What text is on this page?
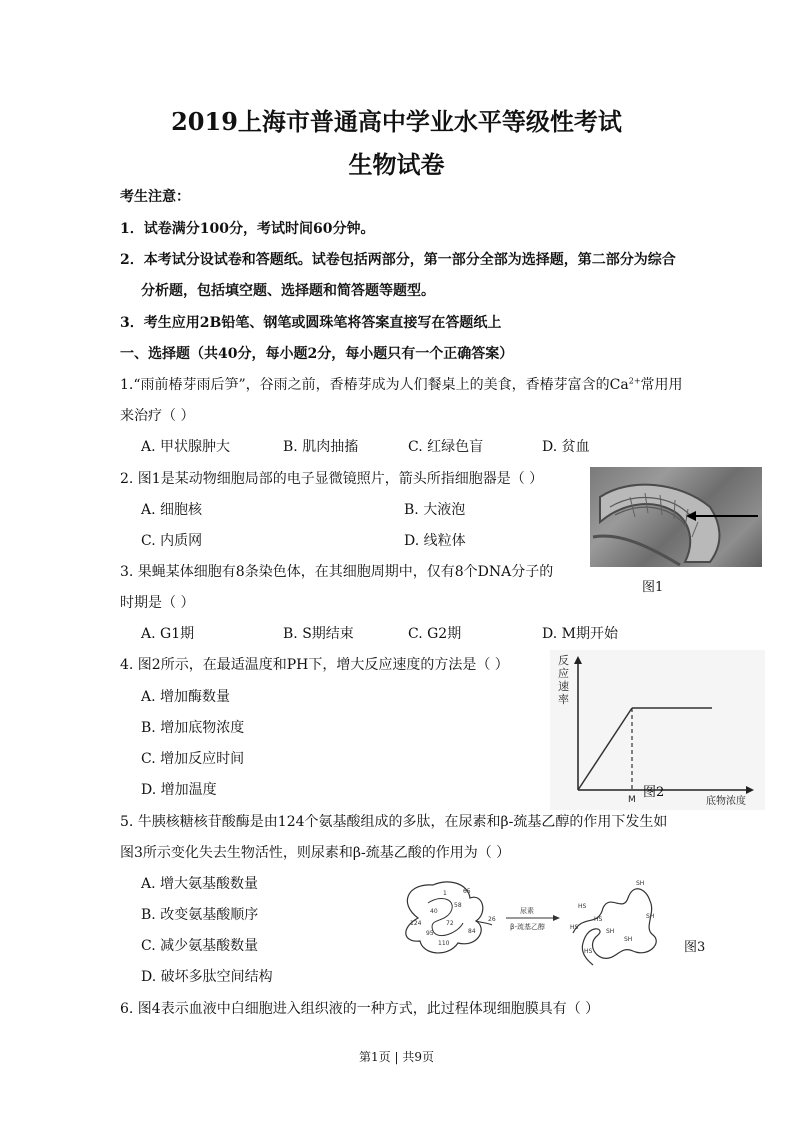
2019上海市普通高中学业水平等级性考试
生物试卷
考生注意：
1．试卷满分100分，考试时间60分钟。
2．本考试分设试卷和答题纸。试卷包括两部分，第一部分全部为选择题，第二部分为综合
分析题，包括填空题、选择题和简答题等题型。
3．考生应用2B铅笔、钢笔或圆珠笔将答案直接写在答题纸上
一、选择题（共40分，每小题2分，每小题只有一个正确答案）
1.“雨前椿芽雨后笋”，谷雨之前，香椿芽成为人们餐桌上的美食，香椿芽富含的$Ca^{2+}$常用用
来治疗（ ）
A. 甲状腺肿大	B. 肌肉抽搐	C. 红绿色盲	D. 贫血
2. 图1是某动物细胞局部的电子显微镜照片，箭头所指细胞器是（ ）
A. 细胞核	B. 大液泡
C. 内质网	D. 线粒体
图1
3. 果蝇某体细胞有8条染色体，在其细胞周期中，仅有8个DNA分子的
时期是（ ）
A. G1期	B. S期结束	C. G2期	D. M期开始
4. 图2所示，在最适温度和PH下，增大反应速度的方法是（ ）
A. 增加酶数量
B. 增加底物浓度
C. 增加反应时间
D. 增加温度
反
应
速
率
M	底物浓度
图2
5. 牛胰核糖核苷酸酶是由124个氨基酸组成的多肽，在尿素和β-巯基乙醇的作用下发生如
图3所示变化失去生物活性，则尿素和β-巯基乙酸的作用为（ ）
A. 增大氨基酸数量
B. 改变氨基酸顺序
C. 减少氨基酸数量
D. 破坏多肽空间结构
1
26
40
58
65
72
84
95
110
124
尿素
β-巯基乙醇
SH
SH
SH
SH
HS
HS
HS
HS	图3
6. 图4表示血液中白细胞进入组织液的一种方式，此过程体现细胞膜具有（ ）
第1页 | 共9页
